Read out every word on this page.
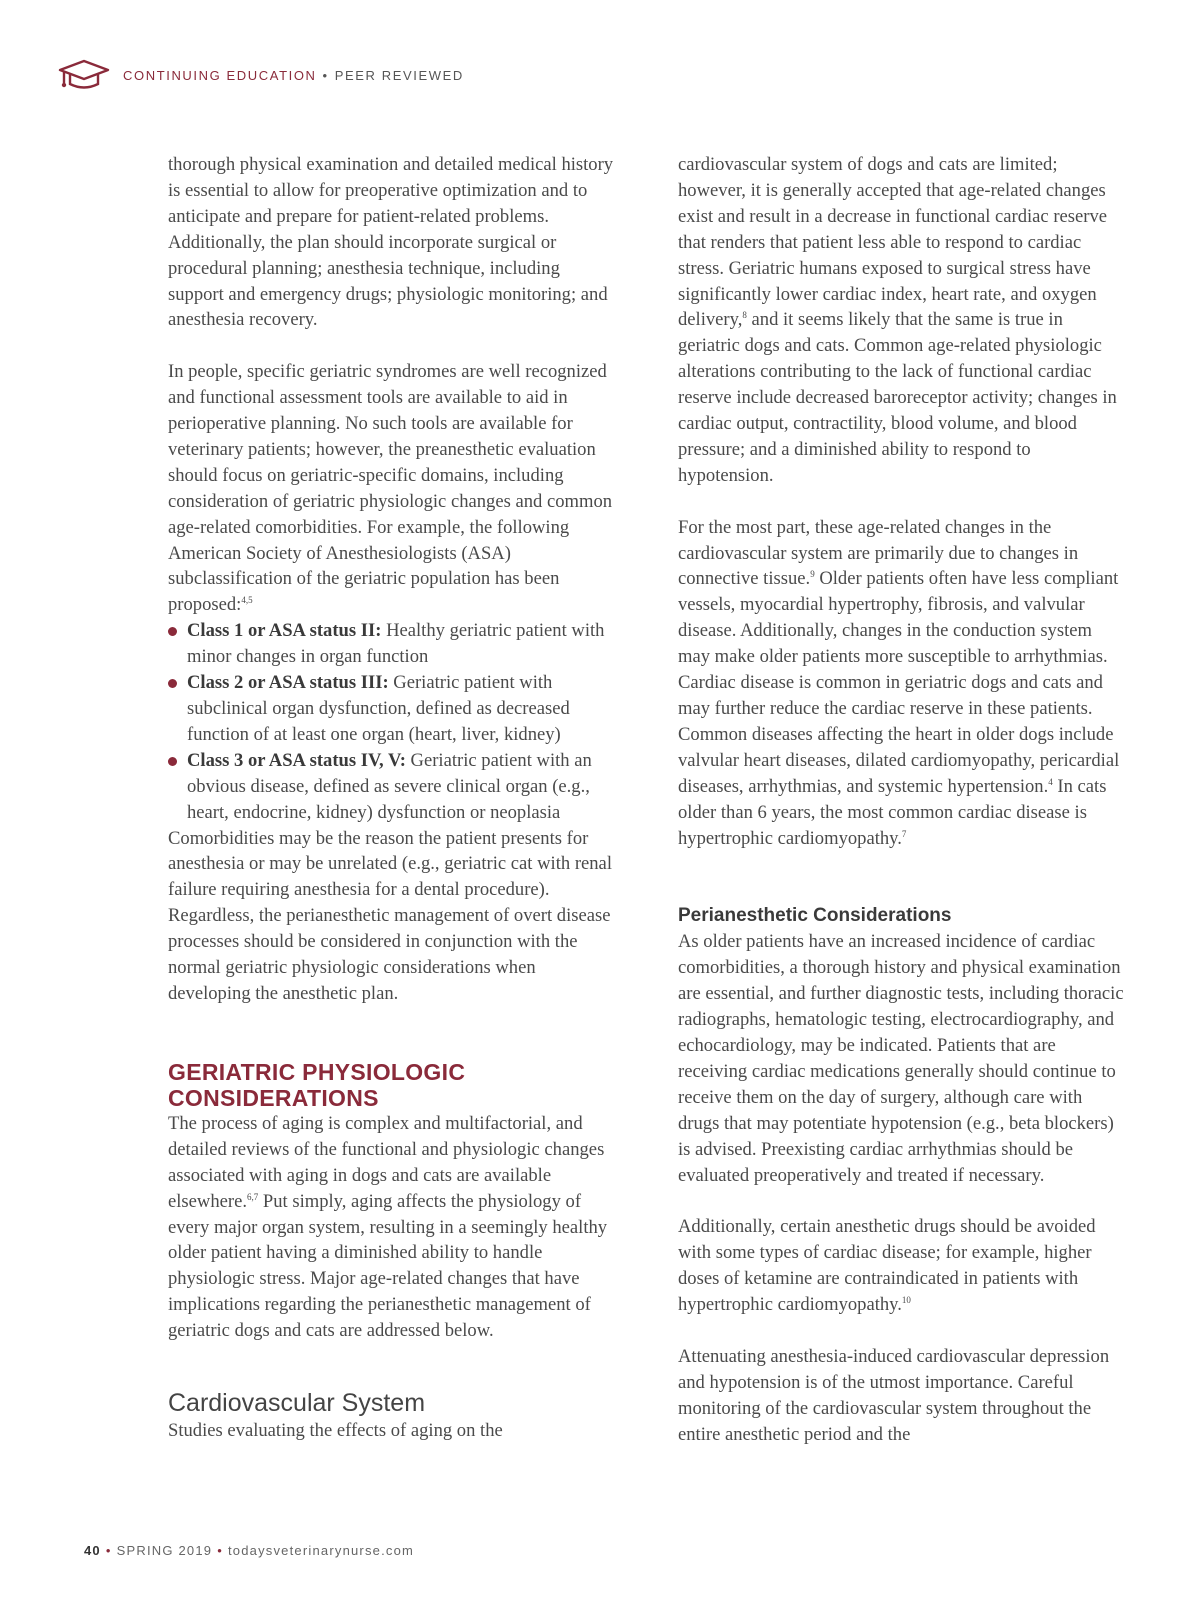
CONTINUING EDUCATION • PEER REVIEWED

thorough physical examination and detailed medical history is essential to allow for preoperative optimization and to anticipate and prepare for patient-related problems. Additionally, the plan should incorporate surgical or procedural planning; anesthesia technique, including support and emergency drugs; physiologic monitoring; and anesthesia recovery.

In people, specific geriatric syndromes are well recognized and functional assessment tools are available to aid in perioperative planning. No such tools are available for veterinary patients; however, the preanesthetic evaluation should focus on geriatric-specific domains, including consideration of geriatric physiologic changes and common age-related comorbidities. For example, the following American Society of Anesthesiologists (ASA) subclassification of the geriatric population has been proposed:$^{4,5}$

Class 1 or ASA status II: Healthy geriatric patient with minor changes in organ function
Class 2 or ASA status III: Geriatric patient with subclinical organ dysfunction, defined as decreased function of at least one organ (heart, liver, kidney)
Class 3 or ASA status IV, V: Geriatric patient with an obvious disease, defined as severe clinical organ (e.g., heart, endocrine, kidney) dysfunction or neoplasia

Comorbidities may be the reason the patient presents for anesthesia or may be unrelated (e.g., geriatric cat with renal failure requiring anesthesia for a dental procedure). Regardless, the perianesthetic management of overt disease processes should be considered in conjunction with the normal geriatric physiologic considerations when developing the anesthetic plan.

GERIATRIC PHYSIOLOGIC
CONSIDERATIONS

The process of aging is complex and multifactorial, and detailed reviews of the functional and physiologic changes associated with aging in dogs and cats are available elsewhere.$^{6,7}$ Put simply, aging affects the physiology of every major organ system, resulting in a seemingly healthy older patient having a diminished ability to handle physiologic stress. Major age-related changes that have implications regarding the perianesthetic management of geriatric dogs and cats are addressed below.

Cardiovascular System

Studies evaluating the effects of aging on the

cardiovascular system of dogs and cats are limited; however, it is generally accepted that age-related changes exist and result in a decrease in functional cardiac reserve that renders that patient less able to respond to cardiac stress. Geriatric humans exposed to surgical stress have significantly lower cardiac index, heart rate, and oxygen delivery,$^8$ and it seems likely that the same is true in geriatric dogs and cats. Common age-related physiologic alterations contributing to the lack of functional cardiac reserve include decreased baroreceptor activity; changes in cardiac output, contractility, blood volume, and blood pressure; and a diminished ability to respond to hypotension.

For the most part, these age-related changes in the cardiovascular system are primarily due to changes in connective tissue.$^9$ Older patients often have less compliant vessels, myocardial hypertrophy, fibrosis, and valvular disease. Additionally, changes in the conduction system may make older patients more susceptible to arrhythmias. Cardiac disease is common in geriatric dogs and cats and may further reduce the cardiac reserve in these patients. Common diseases affecting the heart in older dogs include valvular heart diseases, dilated cardiomyopathy, pericardial diseases, arrhythmias, and systemic hypertension.$^4$ In cats older than 6 years, the most common cardiac disease is hypertrophic cardiomyopathy.$^7$

Perianesthetic Considerations

As older patients have an increased incidence of cardiac comorbidities, a thorough history and physical examination are essential, and further diagnostic tests, including thoracic radiographs, hematologic testing, electrocardiography, and echocardiology, may be indicated. Patients that are receiving cardiac medications generally should continue to receive them on the day of surgery, although care with drugs that may potentiate hypotension (e.g., beta blockers) is advised. Preexisting cardiac arrhythmias should be evaluated preoperatively and treated if necessary.

Additionally, certain anesthetic drugs should be avoided with some types of cardiac disease; for example, higher doses of ketamine are contraindicated in patients with hypertrophic cardiomyopathy.$^{10}$

Attenuating anesthesia-induced cardiovascular depression and hypotension is of the utmost importance. Careful monitoring of the cardiovascular system throughout the entire anesthetic period and the

40 • SPRING 2019 • todaysveterinarynurse.com
